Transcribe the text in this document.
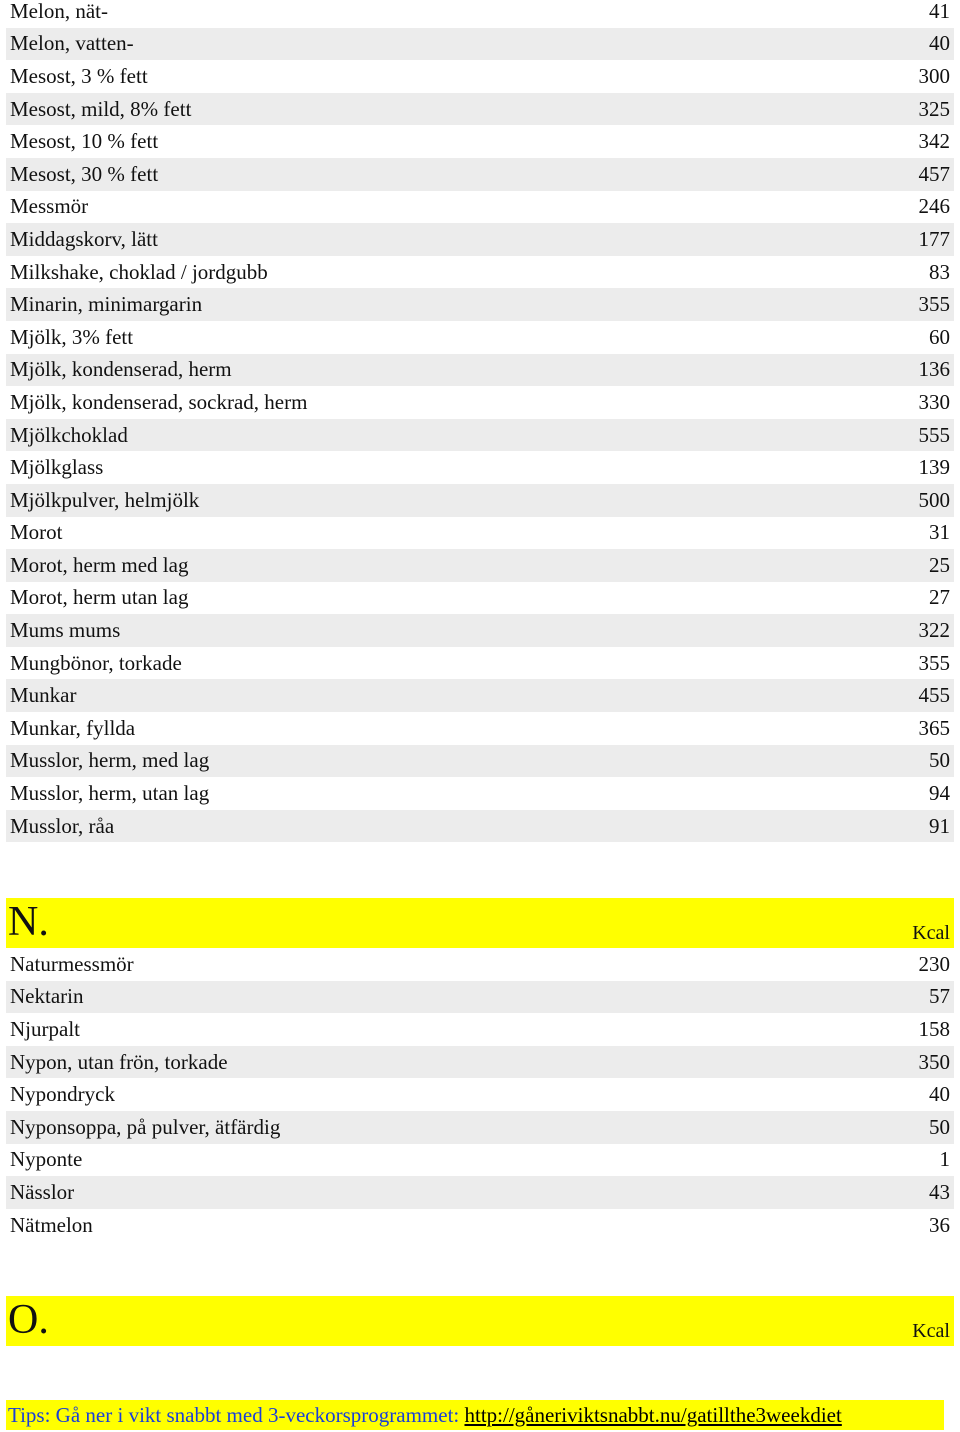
Melon, nät-	41
Melon, vatten-	40
Mesost, 3 % fett	300
Mesost, mild, 8% fett	325
Mesost, 10 % fett	342
Mesost, 30 % fett	457
Messmör	246
Middagskorv, lätt	177
Milkshake, choklad / jordgubb	83
Minarin, minimargarin	355
Mjölk, 3% fett	60
Mjölk, kondenserad, herm	136
Mjölk, kondenserad, sockrad, herm	330
Mjölkchoklad	555
Mjölkglass	139
Mjölkpulver, helmjölk	500
Morot	31
Morot, herm med lag	25
Morot, herm utan lag	27
Mums mums	322
Mungbönor, torkade	355
Munkar	455
Munkar, fyllda	365
Musslor, herm, med lag	50
Musslor, herm, utan lag	94
Musslor, råa	91
N.	Kcal
Naturmessmör	230
Nektarin	57
Njurpalt	158
Nypon, utan frön, torkade	350
Nypondryck	40
Nyponsoppa, på pulver, ätfärdig	50
Nyponte	1
Nässlor	43
Nätmelon	36
O.	Kcal
Tips: Gå ner i vikt snabbt med 3-veckorsprogrammet: http://gåneriviktsnabbt.nu/gatillthe3weekdiet
